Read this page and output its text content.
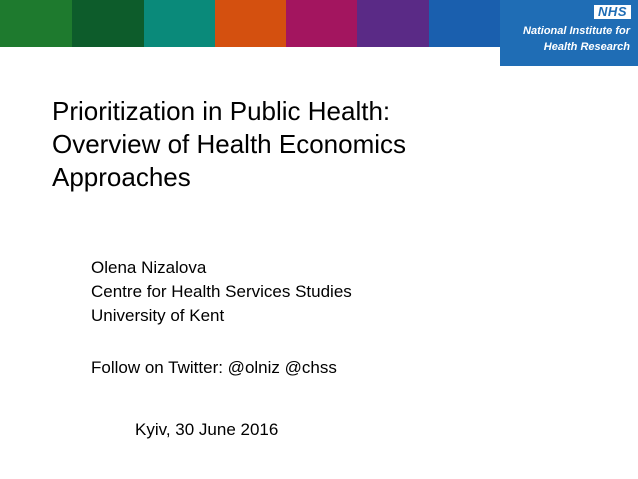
NHS
National Institute for
Health Research
Prioritization in Public Health:
Overview of Health Economics
Approaches
Olena Nizalova
Centre for Health Services Studies
University of Kent
Follow on Twitter: @olniz @chss
Kyiv, 30 June 2016
